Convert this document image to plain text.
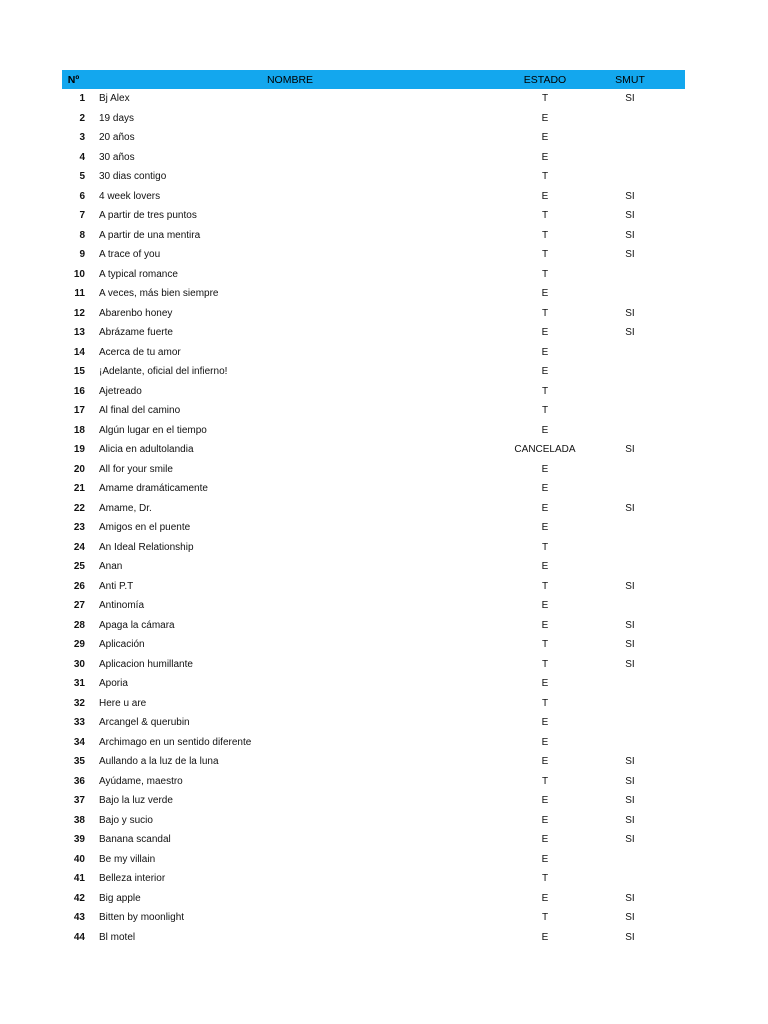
Nº	NOMBRE	ESTADO	SMUT
1	Bj Alex	T	SI
2	19 days	E
3	20 años	E
4	30 años	E
5	30 dias contigo	T
6	4 week lovers	E	SI
7	A partir de tres puntos	T	SI
8	A partir de una mentira	T	SI
9	A trace of you	T	SI
10	A typical romance	T
11	A veces, más bien siempre	E
12	Abarenbo honey	T	SI
13	Abrázame fuerte	E	SI
14	Acerca de tu amor	E
15	¡Adelante, oficial del infierno!	E
16	Ajetreado	T
17	Al final del camino	T
18	Algún lugar en el tiempo	E
19	Alicia en adultolandia	CANCELADA	SI
20	All for your smile	E
21	Ámame dramáticamente	E
22	Ámame, Dr.	E	SI
23	Amigos en el puente	E
24	An Ideal Relationship	T
25	Anan	E
26	Anti P.T	T	SI
27	Antinomía	E
28	Apaga la cámara	E	SI
29	Aplicación	T	SI
30	Aplicacion humillante	T	SI
31	Aporia	E
32	Here u are	T
33	Arcangel & querubin	E
34	Archimago en un sentido diferente	E
35	Aullando a la luz de la luna	E	SI
36	Ayúdame, maestro	T	SI
37	Bajo la luz verde	E	SI
38	Bajo y sucio	E	SI
39	Banana scandal	E	SI
40	Be my villain	E
41	Belleza interior	T
42	Big apple	E	SI
43	Bitten by moonlight	T	SI
44	Bl motel	E	SI
